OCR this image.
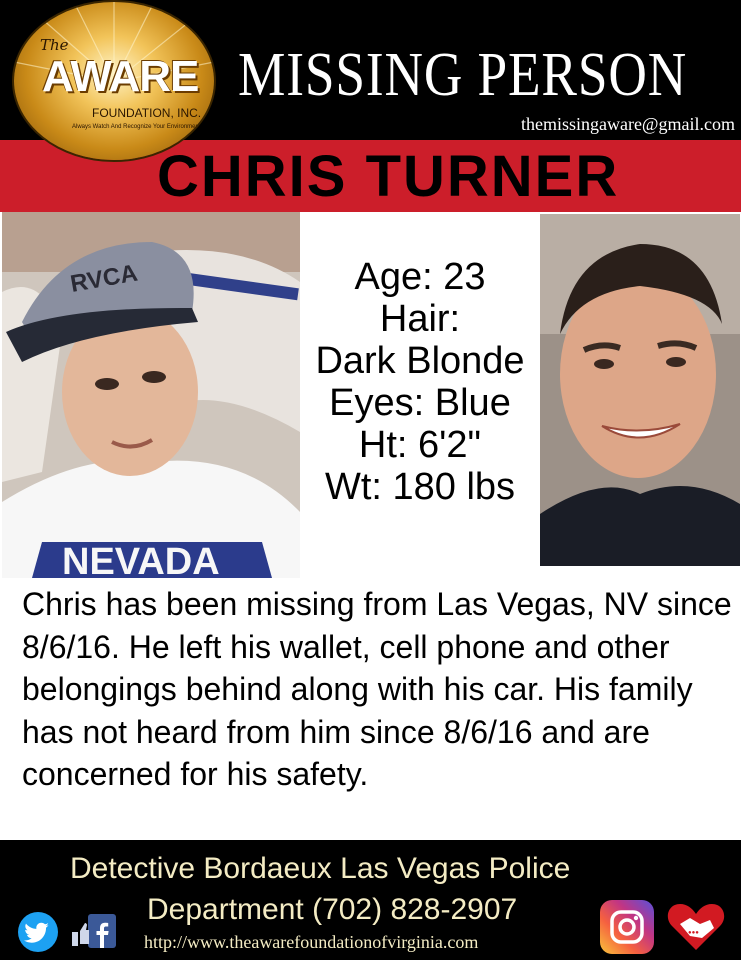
The
AWARE
FOUNDATION, INC.
Always Watch And Recognize Your Environment
MISSING PERSON
themissingaware@gmail.com
CHRIS TURNER
NEVADA
RVCA	Age: 23
Hair:
Dark Blonde
Eyes: Blue
Ht: 6'2"
Wt: 180 lbs
Chris has been missing from Las Vegas, NV since 8/6/16. He left his wallet, cell phone and other belongings behind along with his car. His family has not heard from him since 8/6/16 and are concerned for his safety.
Detective Bordaeux Las Vegas Police
Department (702) 828-2907
http://www.theawarefoundationofvirginia.com	●●●
